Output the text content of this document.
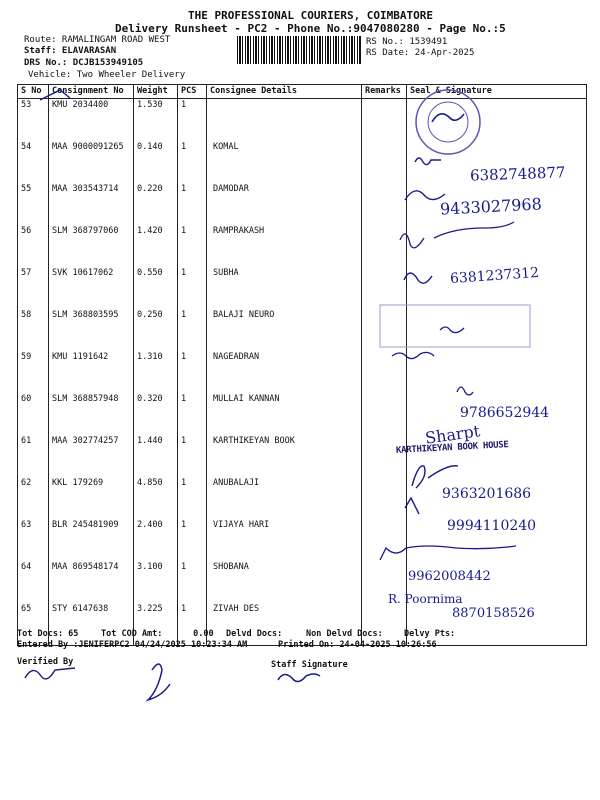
THE PROFESSIONAL COURIERS, COIMBATORE
Delivery Runsheet - PC2 - Phone No.:9047080280 - Page No.:5
Route: RAMALINGAM ROAD WEST
Staff: ELAVARASAN
DRS No.: DCJB153949105
Vehicle: Two Wheeler Delivery
RS No.: 1539491
RS Date: 24-Apr-2025
S No	Consignment No	Weight	PCS	Consignee Details	Remarks	Seal & Signature
53	KMU 2034400	1.530	1			
54	MAA 9000091265	0.140	1	KOMAL		
55	MAA 303543714	0.220	1	DAMODAR		
56	SLM 368797060	1.420	1	RAMPRAKASH		
57	SVK 10617062	0.550	1	SUBHA		
58	SLM 368803595	0.250	1	BALAJI NEURO		
59	KMU 1191642	1.310	1	NAGEADRAN		
60	SLM 368857948	0.320	1	MULLAI KANNAN		
61	MAA 302774257	1.440	1	KARTHIKEYAN BOOK		
62	KKL 179269	4.850	1	ANUBALAJI		
63	BLR 245481909	2.400	1	VIJAYA HARI		
64	MAA 869548174	3.100	1	SHOBANA		
65	STY 6147638	3.225	1	ZIVAH DES		
6382748877
9433027968
6381237312
9786652944
Sharpt
KARTHIKEYAN BOOK HOUSE
9363201686
9994110240
9962008442
R. Poornima
8870158526
Tot Docs: 65	Tot COD Amt:      0.00 Delvd Docs:	Non Delvd Docs: Delvy Pts:
Entered By :JENIFERPC2 04/24/2025 10:23:34 AM	Printed On: 24-04-2025 10:26:56
Verified By	Staff Signature
